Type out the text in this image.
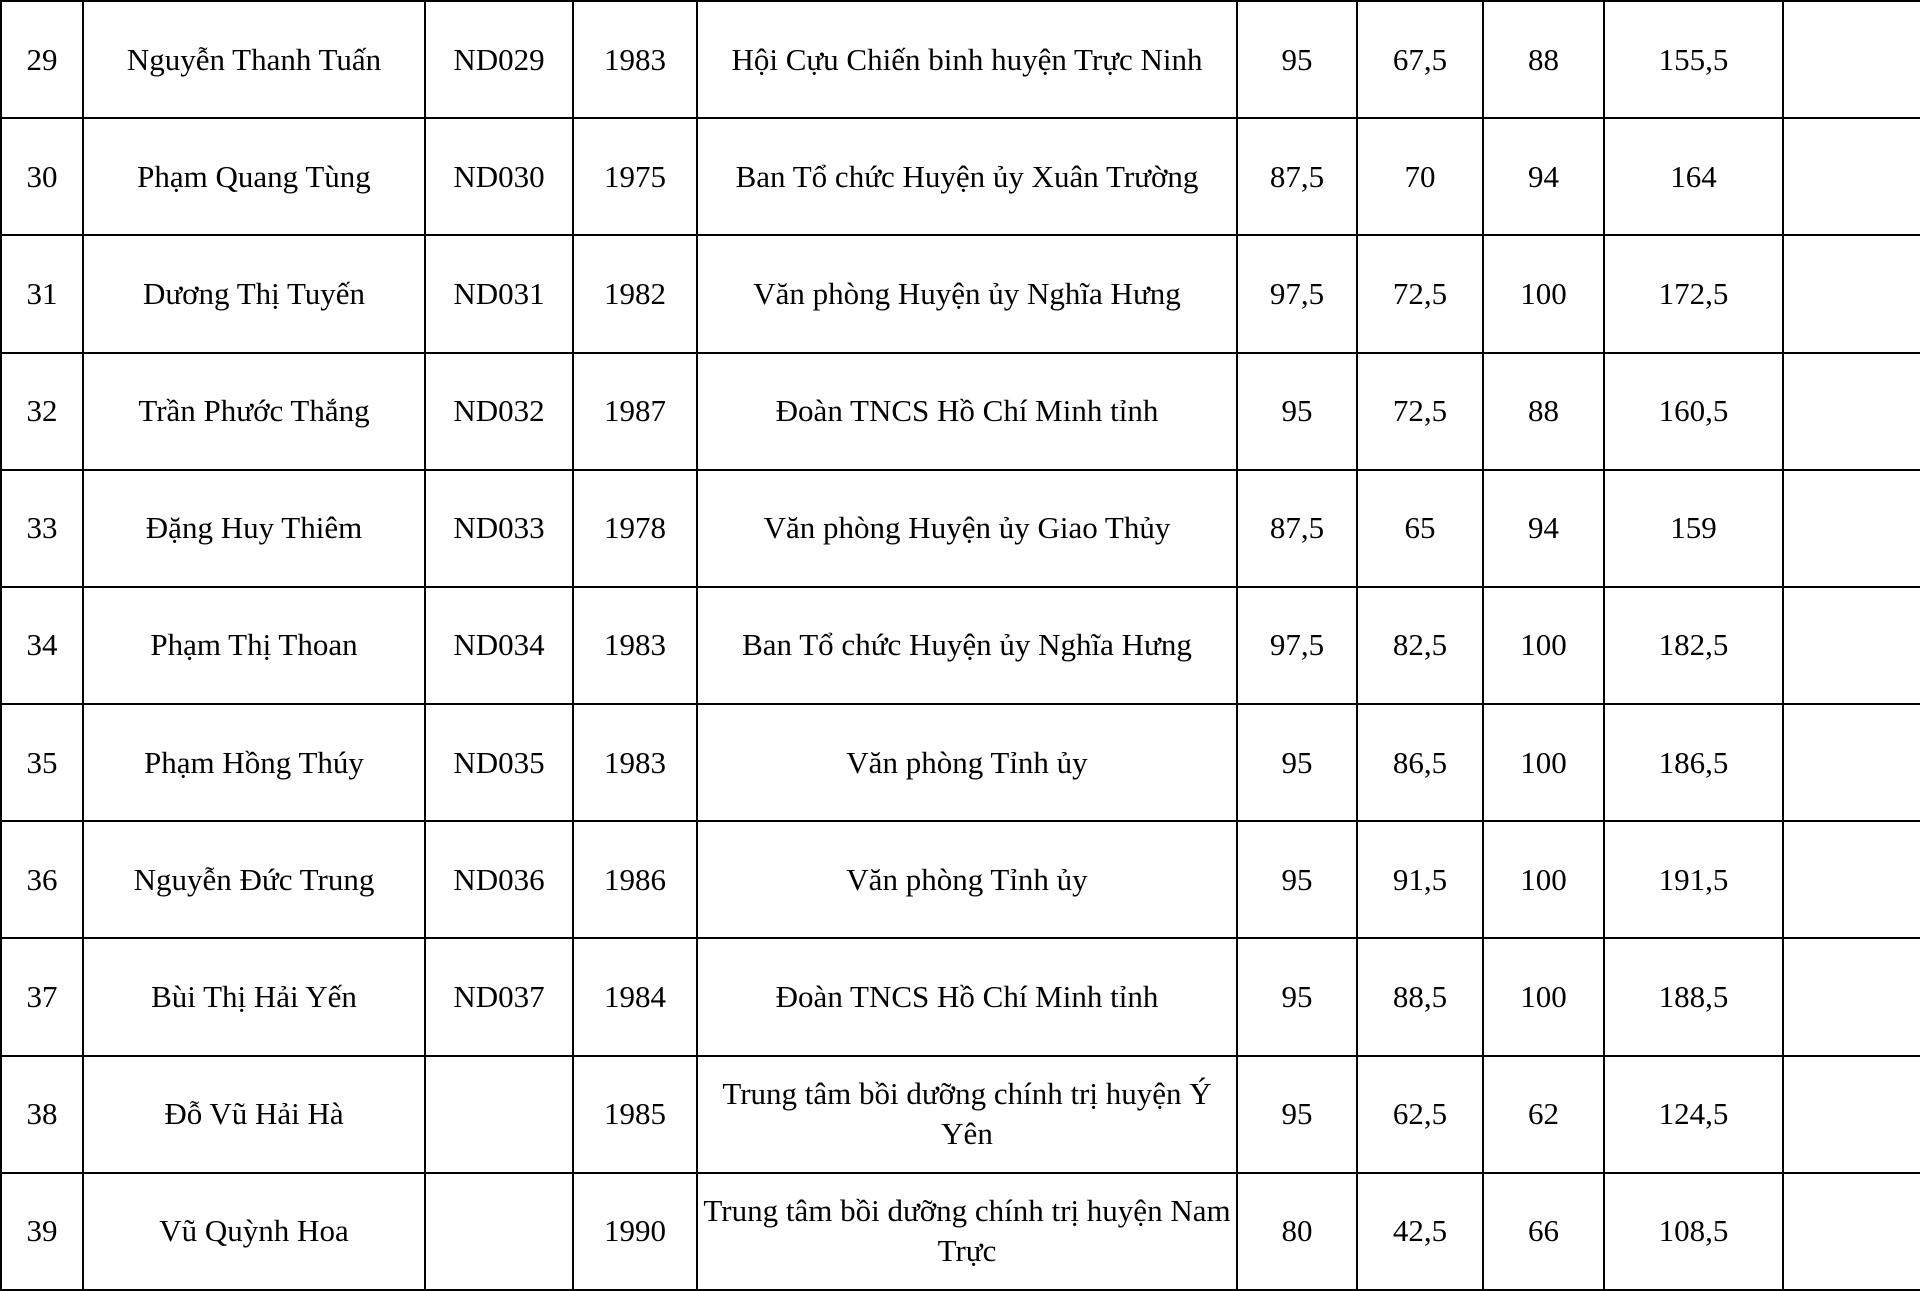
29	Nguyễn Thanh Tuấn	ND029	1983	Hội Cựu Chiến binh huyện Trực Ninh	95	67,5	88	155,5	
30	Phạm Quang Tùng	ND030	1975	Ban Tổ chức Huyện ủy Xuân Trường	87,5	70	94	164	
31	Dương Thị Tuyến	ND031	1982	Văn phòng Huyện ủy Nghĩa Hưng	97,5	72,5	100	172,5	
32	Trần Phước Thắng	ND032	1987	Đoàn TNCS Hồ Chí Minh tỉnh	95	72,5	88	160,5	
33	Đặng Huy Thiêm	ND033	1978	Văn phòng Huyện ủy Giao Thủy	87,5	65	94	159	
34	Phạm Thị Thoan	ND034	1983	Ban Tổ chức Huyện ủy Nghĩa Hưng	97,5	82,5	100	182,5	
35	Phạm Hồng Thúy	ND035	1983	Văn phòng Tỉnh ủy	95	86,5	100	186,5	
36	Nguyễn Đức Trung	ND036	1986	Văn phòng Tỉnh ủy	95	91,5	100	191,5	
37	Bùi Thị Hải Yến	ND037	1984	Đoàn TNCS Hồ Chí Minh tỉnh	95	88,5	100	188,5	
38	Đỗ Vũ Hải Hà		1985	Trung tâm bồi dưỡng chính trị huyện Ý Yên	95	62,5	62	124,5	
39	Vũ Quỳnh Hoa		1990	Trung tâm bồi dưỡng chính trị huyện Nam Trực	80	42,5	66	108,5	
